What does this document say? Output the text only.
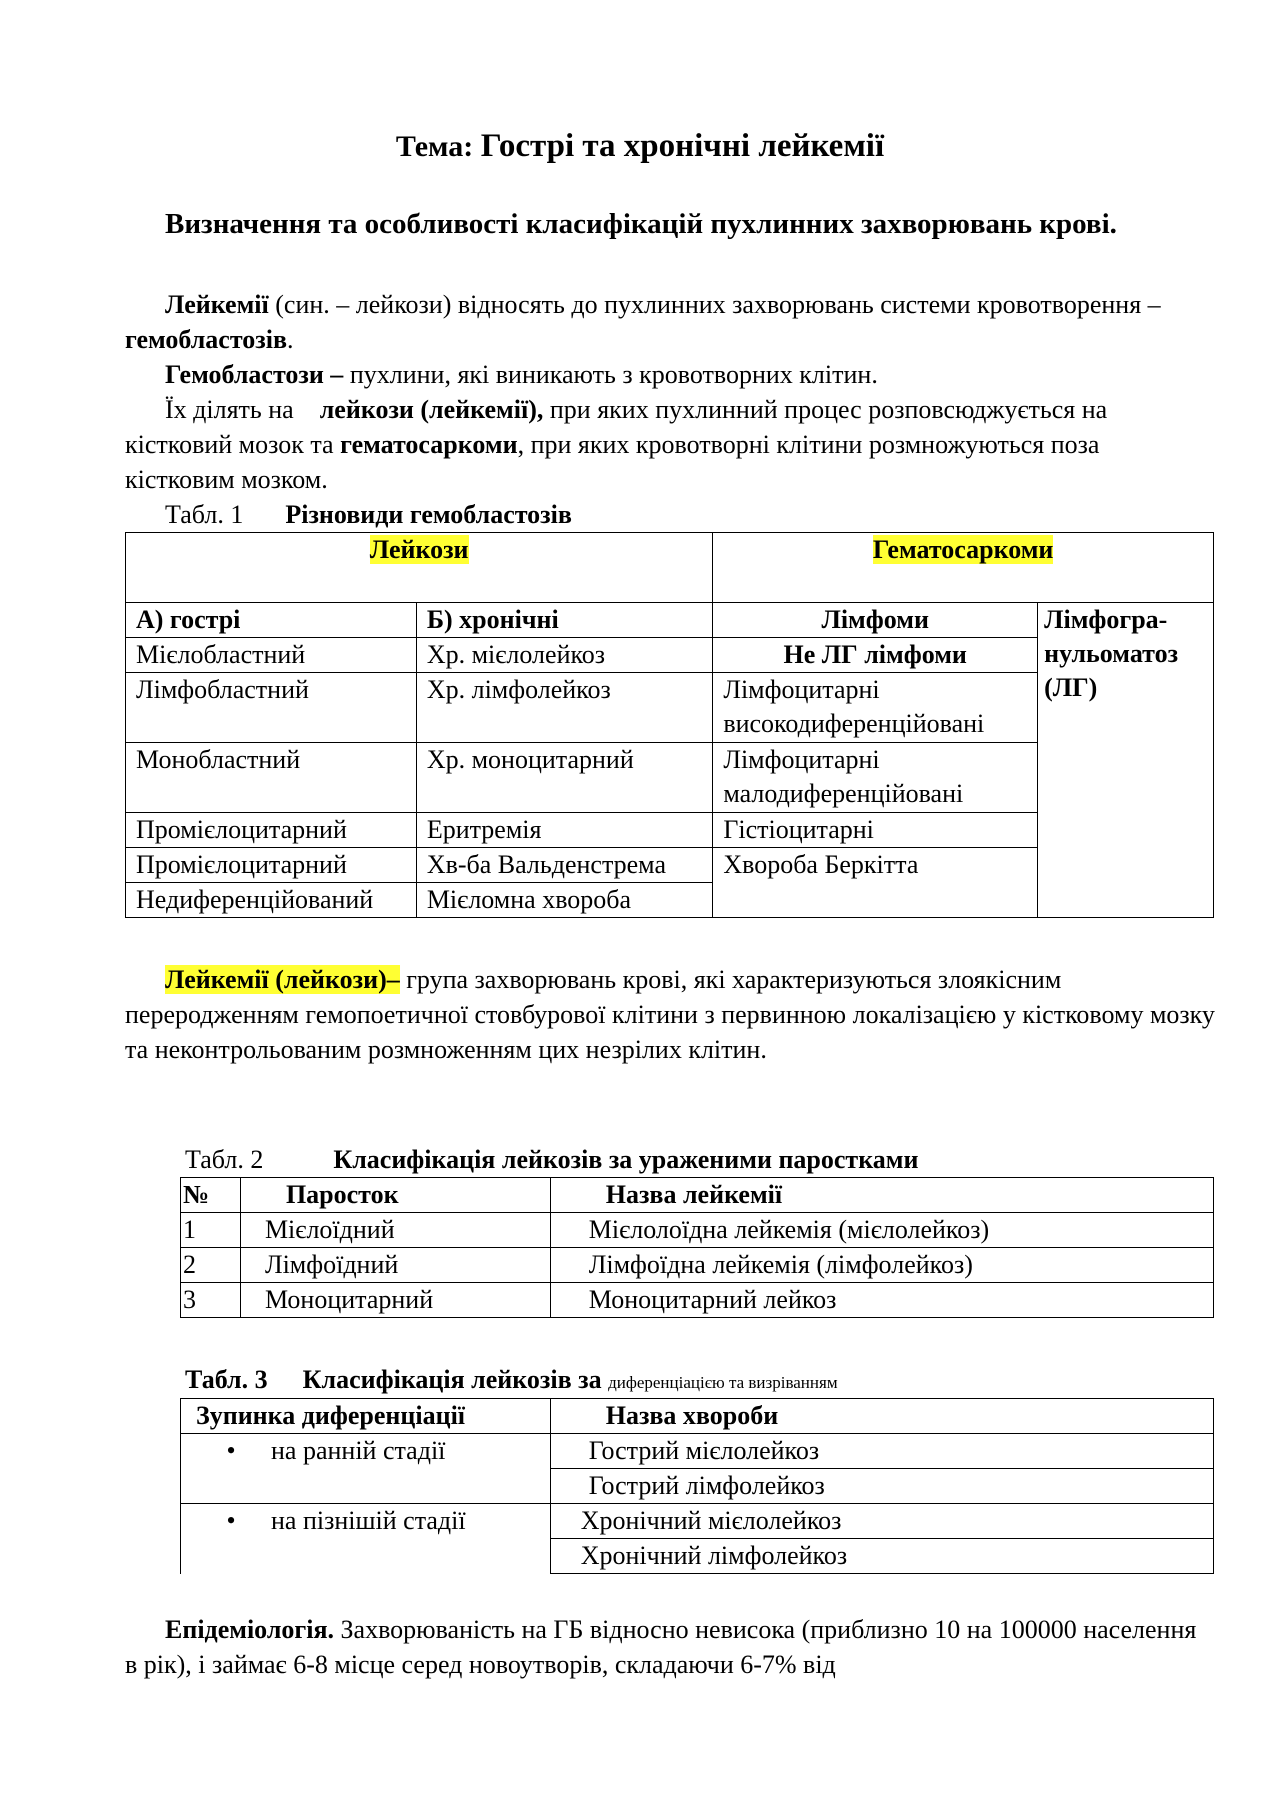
Тема: Гострі та хронічні лейкемії
Визначення та особливості класифікацій пухлинних захворювань крові.
Лейкемії (син. – лейкози) відносять до пухлинних захворювань системи кровотворення – гемобластозів.
Гемобластози – пухлини, які виникають з кровотворних клітин.
Їх ділять на    лейкози (лейкемії), при яких пухлинний процес розповсюджується на кістковий мозок та гематосаркоми, при яких кровотворні клітини розмножуються поза кістковим мозком.
Табл. 1 Різновиди гемобластозів
Лейкози		Гематосаркоми	
А) гострі	Б) хронічні	Лімфоми	Лімфогра-нульоматоз (ЛГ)
Мієлобластний	Хр. мієлолейкоз	Не ЛГ лімфоми	
Лімфобластний	Хр. лімфолейкоз	Лімфоцитарні високодиференційовані	
Монобластний	Хр. моноцитарний	Лімфоцитарні малодиференційовані	
Промієлоцитарний	Еритремія	Гістіоцитарні	
Промієлоцитарний	Хв-ба Вальденстрема	Хвороба Беркітта	
Недиференційований	Мієломна хвороба		
Лейкемії (лейкози)– група захворювань крові, які характеризуються злоякісним переродженням гемопоетичної стовбурової клітини з первинною локалізацією у кістковому мозку та неконтрольованим розмноженням цих незрілих клітин.
Табл. 2	Класифікація лейкозів за ураженими паростками
№	Паросток	Назва лейкемії
1	Мієлоїдний	Мієлолоїдна лейкемія (мієлолейкоз)
2	Лімфоїдний	Лімфоїдна лейкемія (лімфолейкоз)
3	Моноцитарний	Моноцитарний лейкоз
Табл. 3 Класифікація лейкозів за диференціацією та визріванням
Зупинка диференціації	Назва хвороби
• на ранній стадії	Гострий мієлолейкоз
	Гострий лімфолейкоз
• на пізнішій стадії	Хронічний мієлолейкоз
	Хронічний лімфолейкоз
Епідеміологія. Захворюваність на ГБ відносно невисока (приблизно 10 на 100000 населення в рік), і займає 6-8 місце серед новоутворів, складаючи 6-7% від
